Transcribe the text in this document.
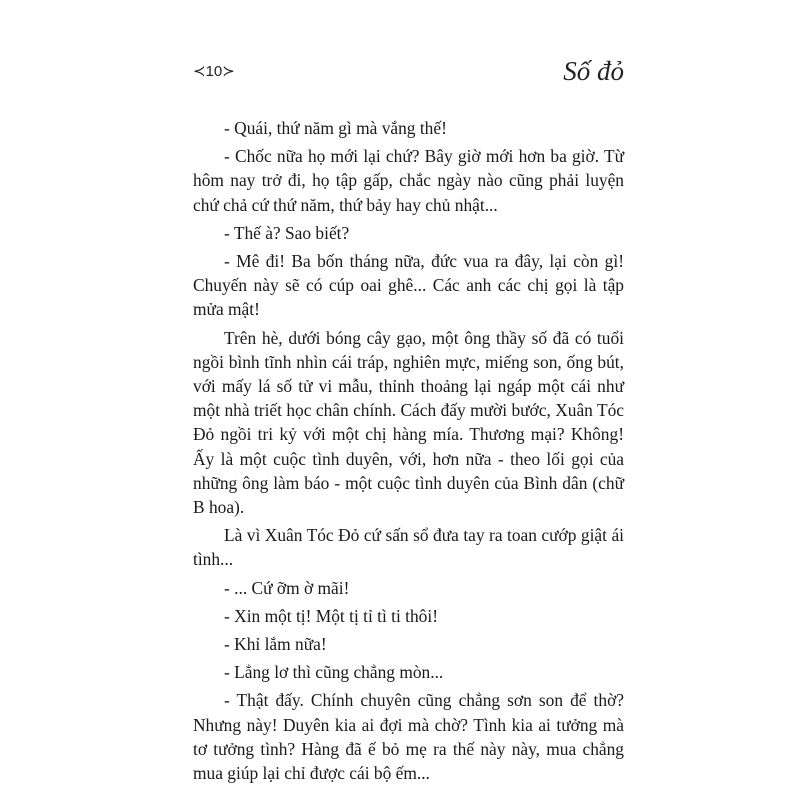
≺10≻	Số đỏ

- Quái, thứ năm gì mà vắng thế!

- Chốc nữa họ mới lại chứ? Bây giờ mới hơn ba giờ. Từ hôm nay trở đi, họ tập gấp, chắc ngày nào cũng phải luyện chứ chả cứ thứ năm, thứ bảy hay chủ nhật...

- Thế à? Sao biết?

- Mê đi! Ba bốn tháng nữa, đức vua ra đây, lại còn gì! Chuyến này sẽ có cúp oai ghê... Các anh các chị gọi là tập mửa mật!

Trên hè, dưới bóng cây gạo, một ông thầy số đã có tuổi ngồi bình tĩnh nhìn cái tráp, nghiên mực, miếng son, ống bút, với mấy lá số tử vi mẫu, thỉnh thoảng lại ngáp một cái như một nhà triết học chân chính. Cách đấy mười bước, Xuân Tóc Đỏ ngồi tri kỷ với một chị hàng mía. Thương mại? Không! Ấy là một cuộc tình duyên, với, hơn nữa - theo lối gọi của những ông làm báo - một cuộc tình duyên của Bình dân (chữ B hoa).

Là vì Xuân Tóc Đỏ cứ sấn sổ đưa tay ra toan cướp giật ái tình...

- ... Cứ ỡm ờ mãi!

- Xin một tị! Một tị tỉ tì ti thôi!

- Khỉ lắm nữa!

- Lẳng lơ thì cũng chẳng mòn...

- Thật đấy. Chính chuyên cũng chẳng sơn son để thờ? Nhưng này! Duyên kia ai đợi mà chờ? Tình kia ai tưởng mà tơ tưởng tình? Hàng đã ế bỏ mẹ ra thế này này, mua chẳng mua giúp lại chỉ được cái bộ ếm...
